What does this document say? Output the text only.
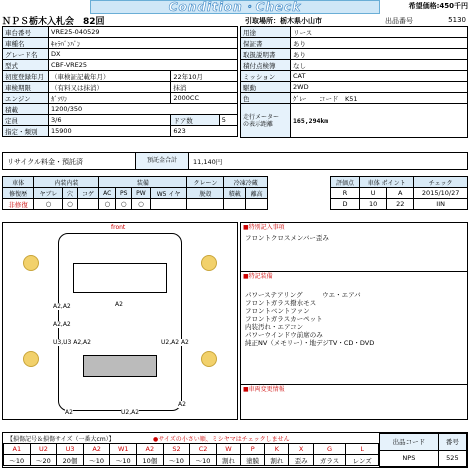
Condition・Check	希望価格:450千円
ＮＰＳ栃木入札会　82回	引取場所：栃木県小山市	出品番号	5130
車台番号	VRE25-040529		
車種名	ｷｬﾗﾊﾞﾝﾊﾞﾝ		
グレード名	DX		
型式	CBF-VRE25		
初度登録年月	（車検証記載年月）	22年10月	
車検期限	（有料又は抹消）	抹消	
エンジン	ｶﾞｿﾘﾝ	2000CC	
積載	1200/350		
定員	3/6	ドア数	5
指定・類別	15900	623	
用途	リース
保証書	あり
取扱説明書	あり
積付点検簿	なし
ミッション	CAT
駆動	2WD
色	ｸﾞﾚｰ　　コード　K51
走行メーター
の表示距離	165,294km
リサイクル料金・預託済	預託金合計	11,140円
車体	内装内装			装備				クレーン	冷凍冷蔵	
修復歴	ヤブレ	穴	コゲ	AC	PS	PW	W5 イヤ	脱殻	積載	離高
非修復	○	○		○	○	○				
評価点	車体 ポイント		チェック
R	U	A	2015/10/27
D	10	22	IIN
front
A2,A2	A2
A2,A2
U3,U3 A2,A2	U2,A2 A2
A2	U2,A2
A2
■特別記入事項
フロントクロスメンバー歪み
■特記装備
パワーステアリング　　　ウエ・エアバ
フロントガラス撥水モス
フロントベントファン
フロントガラスカーペット
内装汚れ・エアコン
パワーウインドウ前席のみ
純正NV（メモリー）・地デジTV・CD・DVD
■車両変更情報
【損傷記号＆損傷サイズ（一番大cm）】	●サイズの小さい順、ミシヤマはチェックしません
A1	U2	U3	A2	W1	A2	S2	C2	W	P	K	X	G	L
～10	～20	20個	～10	～10	10個	～10	～10	割れ	塗膜	割れ	歪み	ガラス	レンズ
出品コード	番号
NPS	525
